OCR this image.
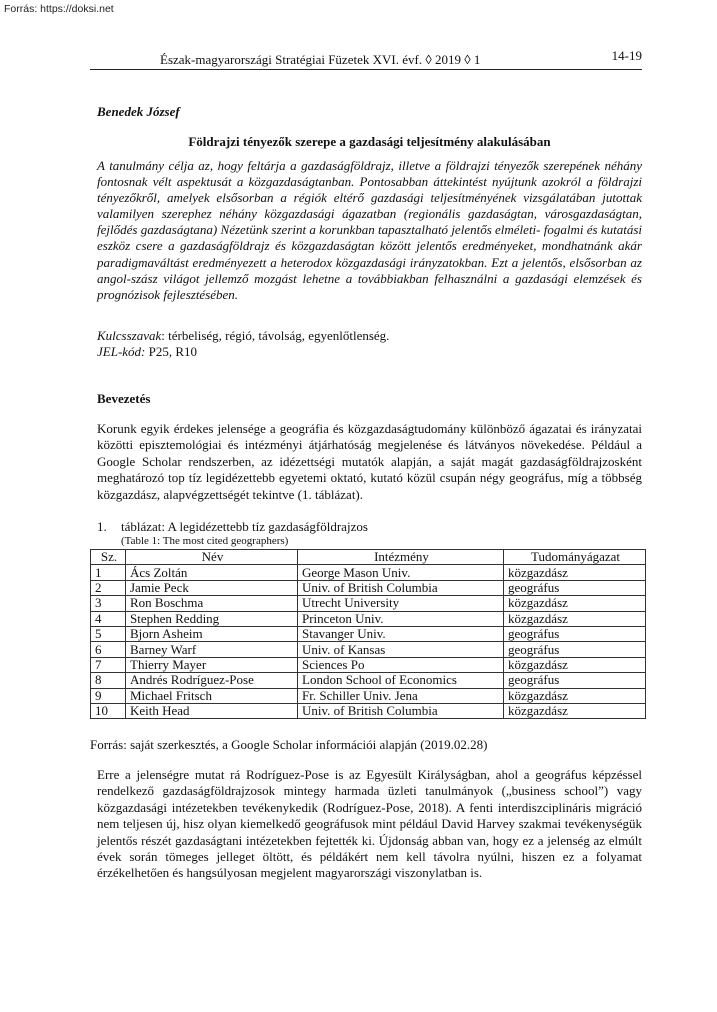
Forrás: https://doksi.net
Észak-magyarországi Stratégiai Füzetek XVI. évf. ◊ 2019 ◊ 1	14-19
Benedek József
Földrajzi tényezők szerepe a gazdasági teljesítmény alakulásában
A tanulmány célja az, hogy feltárja a gazdaságföldrajz, illetve a földrajzi tényezők szerepének néhány fontosnak vélt aspektusát a közgazdaságtanban. Pontosabban áttekintést nyújtunk azokról a földrajzi tényezőkről, amelyek elsősorban a régiók eltérő gazdasági teljesítményének vizsgálatában jutottak valamilyen szerephez néhány közgazdasági ágazatban (regionális gazdaságtan, városgazdaságtan, fejlődés gazdaságtana) Nézetünk szerint a korunkban tapasztalható jelentős elméleti- fogalmi és kutatási eszköz csere a gazdaságföldrajz és közgazdaságtan között jelentős eredményeket, mondhatnánk akár paradigmaváltást eredményezett a heterodox közgazdasági irányzatokban. Ezt a jelentős, elsősorban az angol-szász világot jellemző mozgást lehetne a továbbiakban felhasználni a gazdasági elemzések és prognózisok fejlesztésében.
Kulcsszavak: térbeliség, régió, távolság, egyenlőtlenség.
JEL-kód: P25, R10
Bevezetés
Korunk egyik érdekes jelensége a geográfia és közgazdaságtudomány különböző ágazatai és irányzatai közötti episztemológiai és intézményi átjárhatóság megjelenése és látványos növekedése. Például a Google Scholar rendszerben, az idézettségi mutatók alapján, a saját magát gazdaságföldrajzosként meghatározó top tíz legidézettebb egyetemi oktató, kutató közül csupán négy geográfus, míg a többség közgazdász, alapvégzettségét tekintve (1. táblázat).
1. táblázat: A legidézettebb tíz gazdaságföldrajzos
(Table 1: The most cited geographers)
Sz.	Név	Intézmény	Tudományágazat
1	Ács Zoltán	George Mason Univ.	közgazdász
2	Jamie Peck	Univ. of British Columbia	geográfus
3	Ron Boschma	Utrecht University	közgazdász
4	Stephen Redding	Princeton Univ.	közgazdász
5	Bjorn Asheim	Stavanger Univ.	geográfus
6	Barney Warf	Univ. of Kansas	geográfus
7	Thierry Mayer	Sciences Po	közgazdász
8	Andrés Rodríguez-Pose	London School of Economics	geográfus
9	Michael Fritsch	Fr. Schiller Univ. Jena	közgazdász
10	Keith Head	Univ. of British Columbia	közgazdász
Forrás: saját szerkesztés, a Google Scholar információi alapján (2019.02.28)
Erre a jelenségre mutat rá Rodríguez-Pose is az Egyesült Királyságban, ahol a geográfus képzéssel rendelkező gazdaságföldrajzosok mintegy harmada üzleti tanulmányok („business school”) vagy közgazdasági intézetekben tevékenykedik (Rodríguez-Pose, 2018). A fenti interdiszciplináris migráció nem teljesen új, hisz olyan kiemelkedő geográfusok mint például David Harvey szakmai tevékenységük jelentős részét gazdaságtani intézetekben fejtették ki. Újdonság abban van, hogy ez a jelenség az elmúlt évek során tömeges jelleget öltött, és példákért nem kell távolra nyúlni, hiszen ez a folyamat érzékelhetően és hangsúlyosan megjelent magyarországi viszonylatban is.
